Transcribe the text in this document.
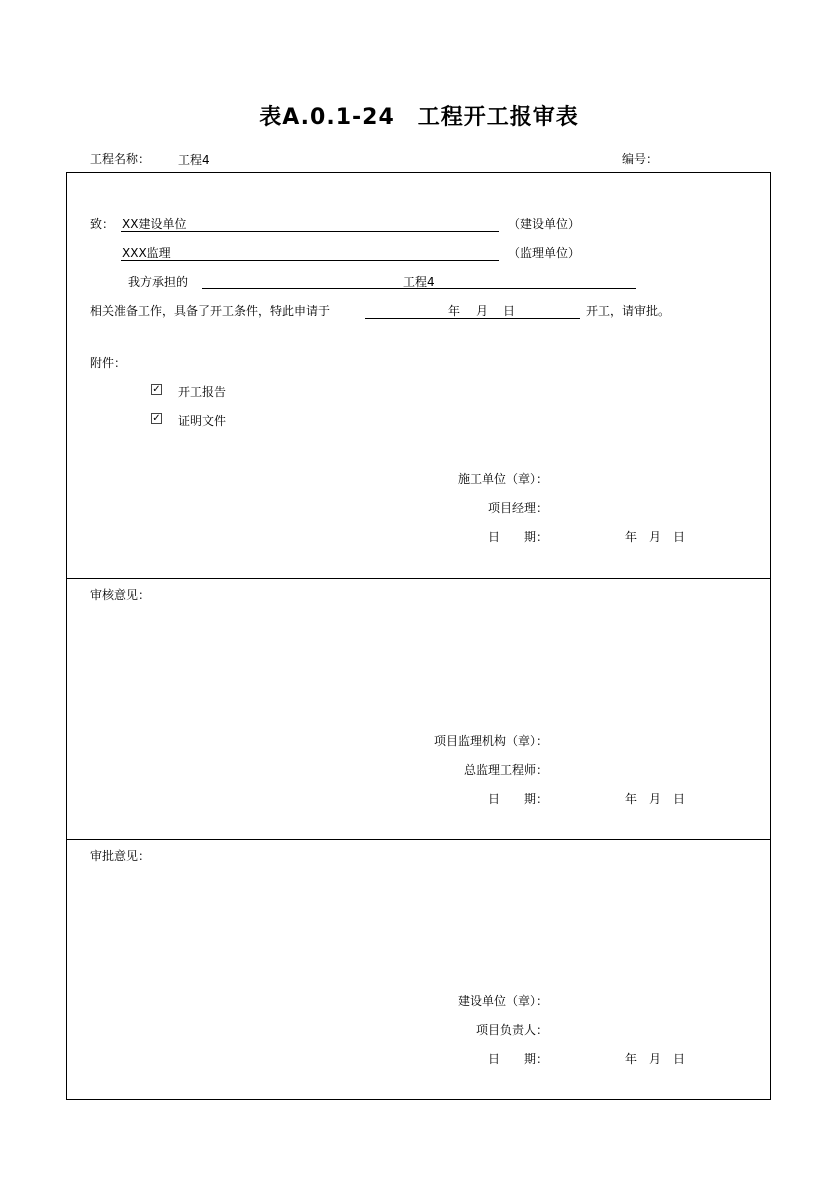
表A.0.1-24　工程开工报审表
工程名称： 工程4	编号：
致： XX建设单位	（建设单位）
XXX监理	（监理单位）
我方承担的	工程4
相关准备工作，具备了开工条件，特此申请于	年 月 日	开工，请审批。
附件：
✓ 开工报告
✓ 证明文件
施工单位（章）：
项目经理：
日　　期：	年　月　日
审核意见：
项目监理机构（章）：
总监理工程师：
日　　期：	年　月　日
审批意见：
建设单位（章）：
项目负责人：
日　　期：	年　月　日
